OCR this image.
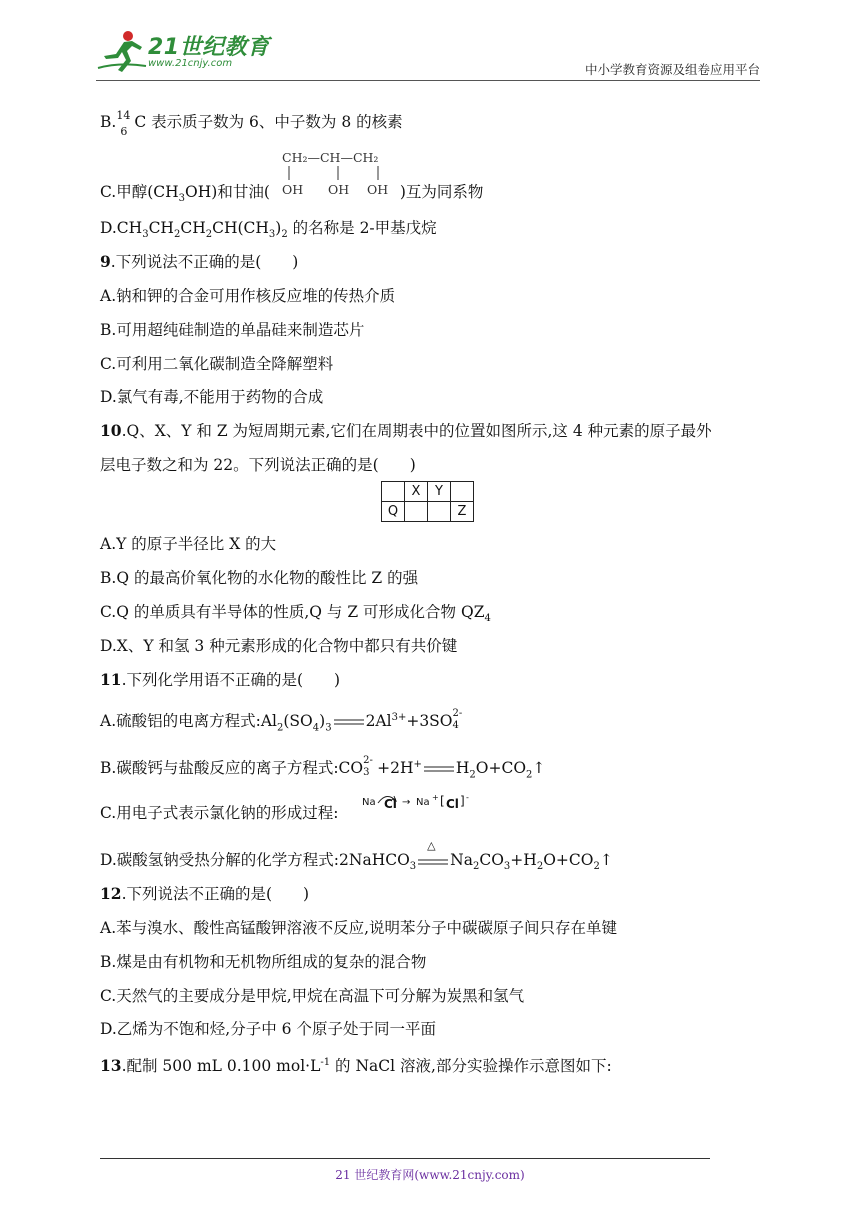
21世纪教育
www.21cnjy.com	中小学教育资源及组卷应用平台
B. 14
6
C 表示质子数为 6、中子数为 8 的核素
CH₂—CH—CH₂
OH OH OH
C.甲醇$(CH_3OH)$和甘油(	)互为同系物
$D.CH_3CH_2CH_2CH(CH_3)_2$ 的名称是 2-甲基戊烷
9.下列说法不正确的是(　　)
A.钠和钾的合金可用作核反应堆的传热介质
B.可用超纯硅制造的单晶硅来制造芯片
C.可利用二氧化碳制造全降解塑料
D.氯气有毒,不能用于药物的合成
10.Q、X、Y 和 Z 为短周期元素,它们在周期表中的位置如图所示,这 4 种元素的原子最外
层电子数之和为 22。下列说法正确的是(　　)
	X	Y	
Q			Z
A.Y 的原子半径比 X 的大
B.Q 的最高价氧化物的水化物的酸性比 Z 的强
C.Q 的单质具有半导体的性质,Q 与 Z 可形成化合物 $QZ_4$
D.X、Y 和氢 3 种元素形成的化合物中都只有共价键
11.下列化学用语不正确的是(　　)
A.硫酸铝的电离方程式$:Al_2(SO_4)_3$ $2Al^{3+}+3SO$ 2-
4
B.碳酸钙与盐酸反应的离子方程式:CO 2-
3 +2H+ $H_2O+CO_2↑$
C.用电子式表示氯化钠的形成过程:
Na Cl → Na + [ Cl ] -
D.碳酸氢钠受热分解的化学方程式:2NaHCO$_3$
△
$Na_2CO_3+H_2O+CO_2↑$
12.下列说法不正确的是(　　)
A.苯与溴水、酸性高锰酸钾溶液不反应,说明苯分子中碳碳原子间只存在单键
B.煤是由有机物和无机物所组成的复杂的混合物
C.天然气的主要成分是甲烷,甲烷在高温下可分解为炭黑和氢气
D.乙烯为不饱和烃,分子中 6 个原子处于同一平面
13.配制 500 mL 0.100 $mol\cdot L^{-1}$ 的 NaCl 溶液,部分实验操作示意图如下:
21 世纪教育网(www.21cnjy.com)
